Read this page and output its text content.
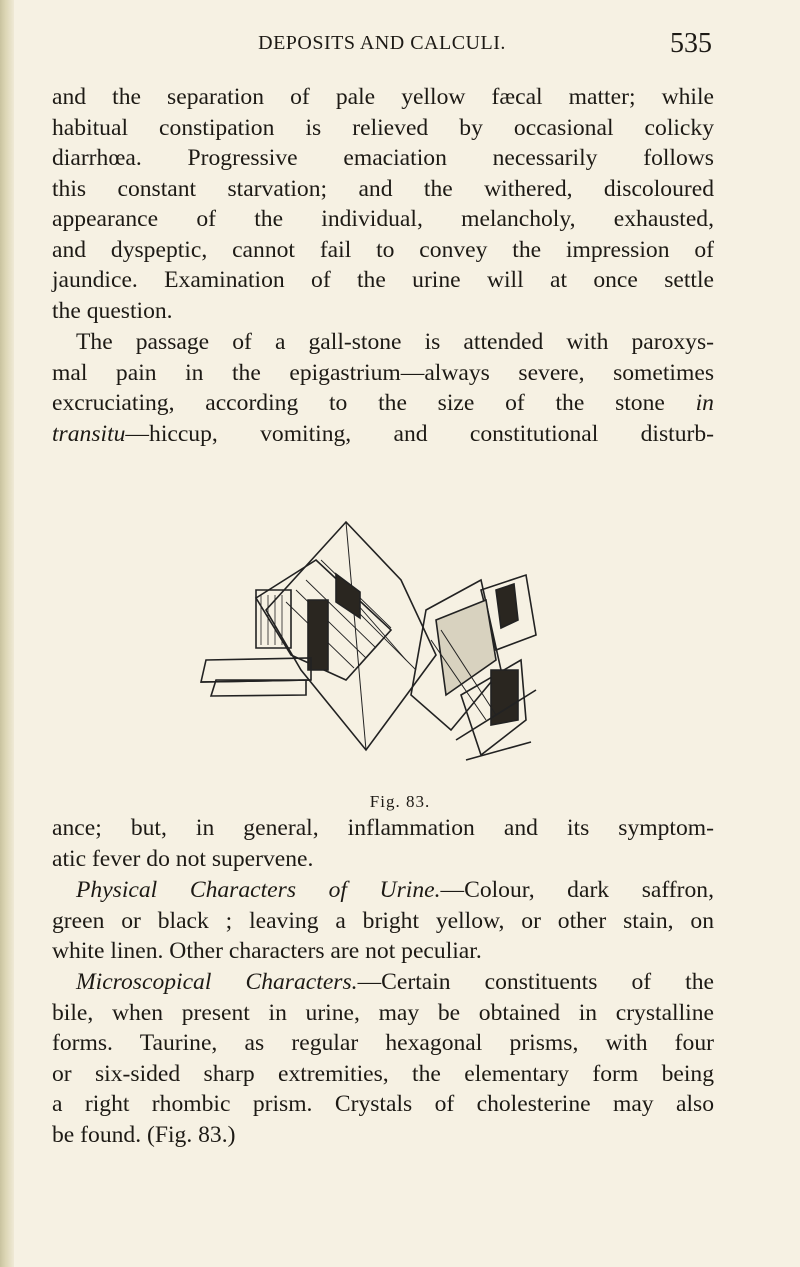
DEPOSITS AND CALCULI.	535
and the separation of pale yellow fæcal matter; while
habitual constipation is relieved by occasional colicky
diarrhœa. Progressive emaciation necessarily follows
this constant starvation; and the withered, discoloured
appearance of the individual, melancholy, exhausted,
and dyspeptic, cannot fail to convey the impression of
jaundice. Examination of the urine will at once settle
the question.
The passage of a gall-stone is attended with paroxys-
mal pain in the epigastrium—always severe, sometimes
excruciating, according to the size of the stone in
transitu—hiccup, vomiting, and constitutional disturb-
Fig. 83.
ance; but, in general, inflammation and its symptom-
atic fever do not supervene.
Physical Characters of Urine.—Colour, dark saffron,
green or black ; leaving a bright yellow, or other stain, on
white linen. Other characters are not peculiar.
Microscopical Characters.—Certain constituents of the
bile, when present in urine, may be obtained in crystalline
forms. Taurine, as regular hexagonal prisms, with four
or six-sided sharp extremities, the elementary form being
a right rhombic prism. Crystals of cholesterine may also
be found. (Fig. 83.)
